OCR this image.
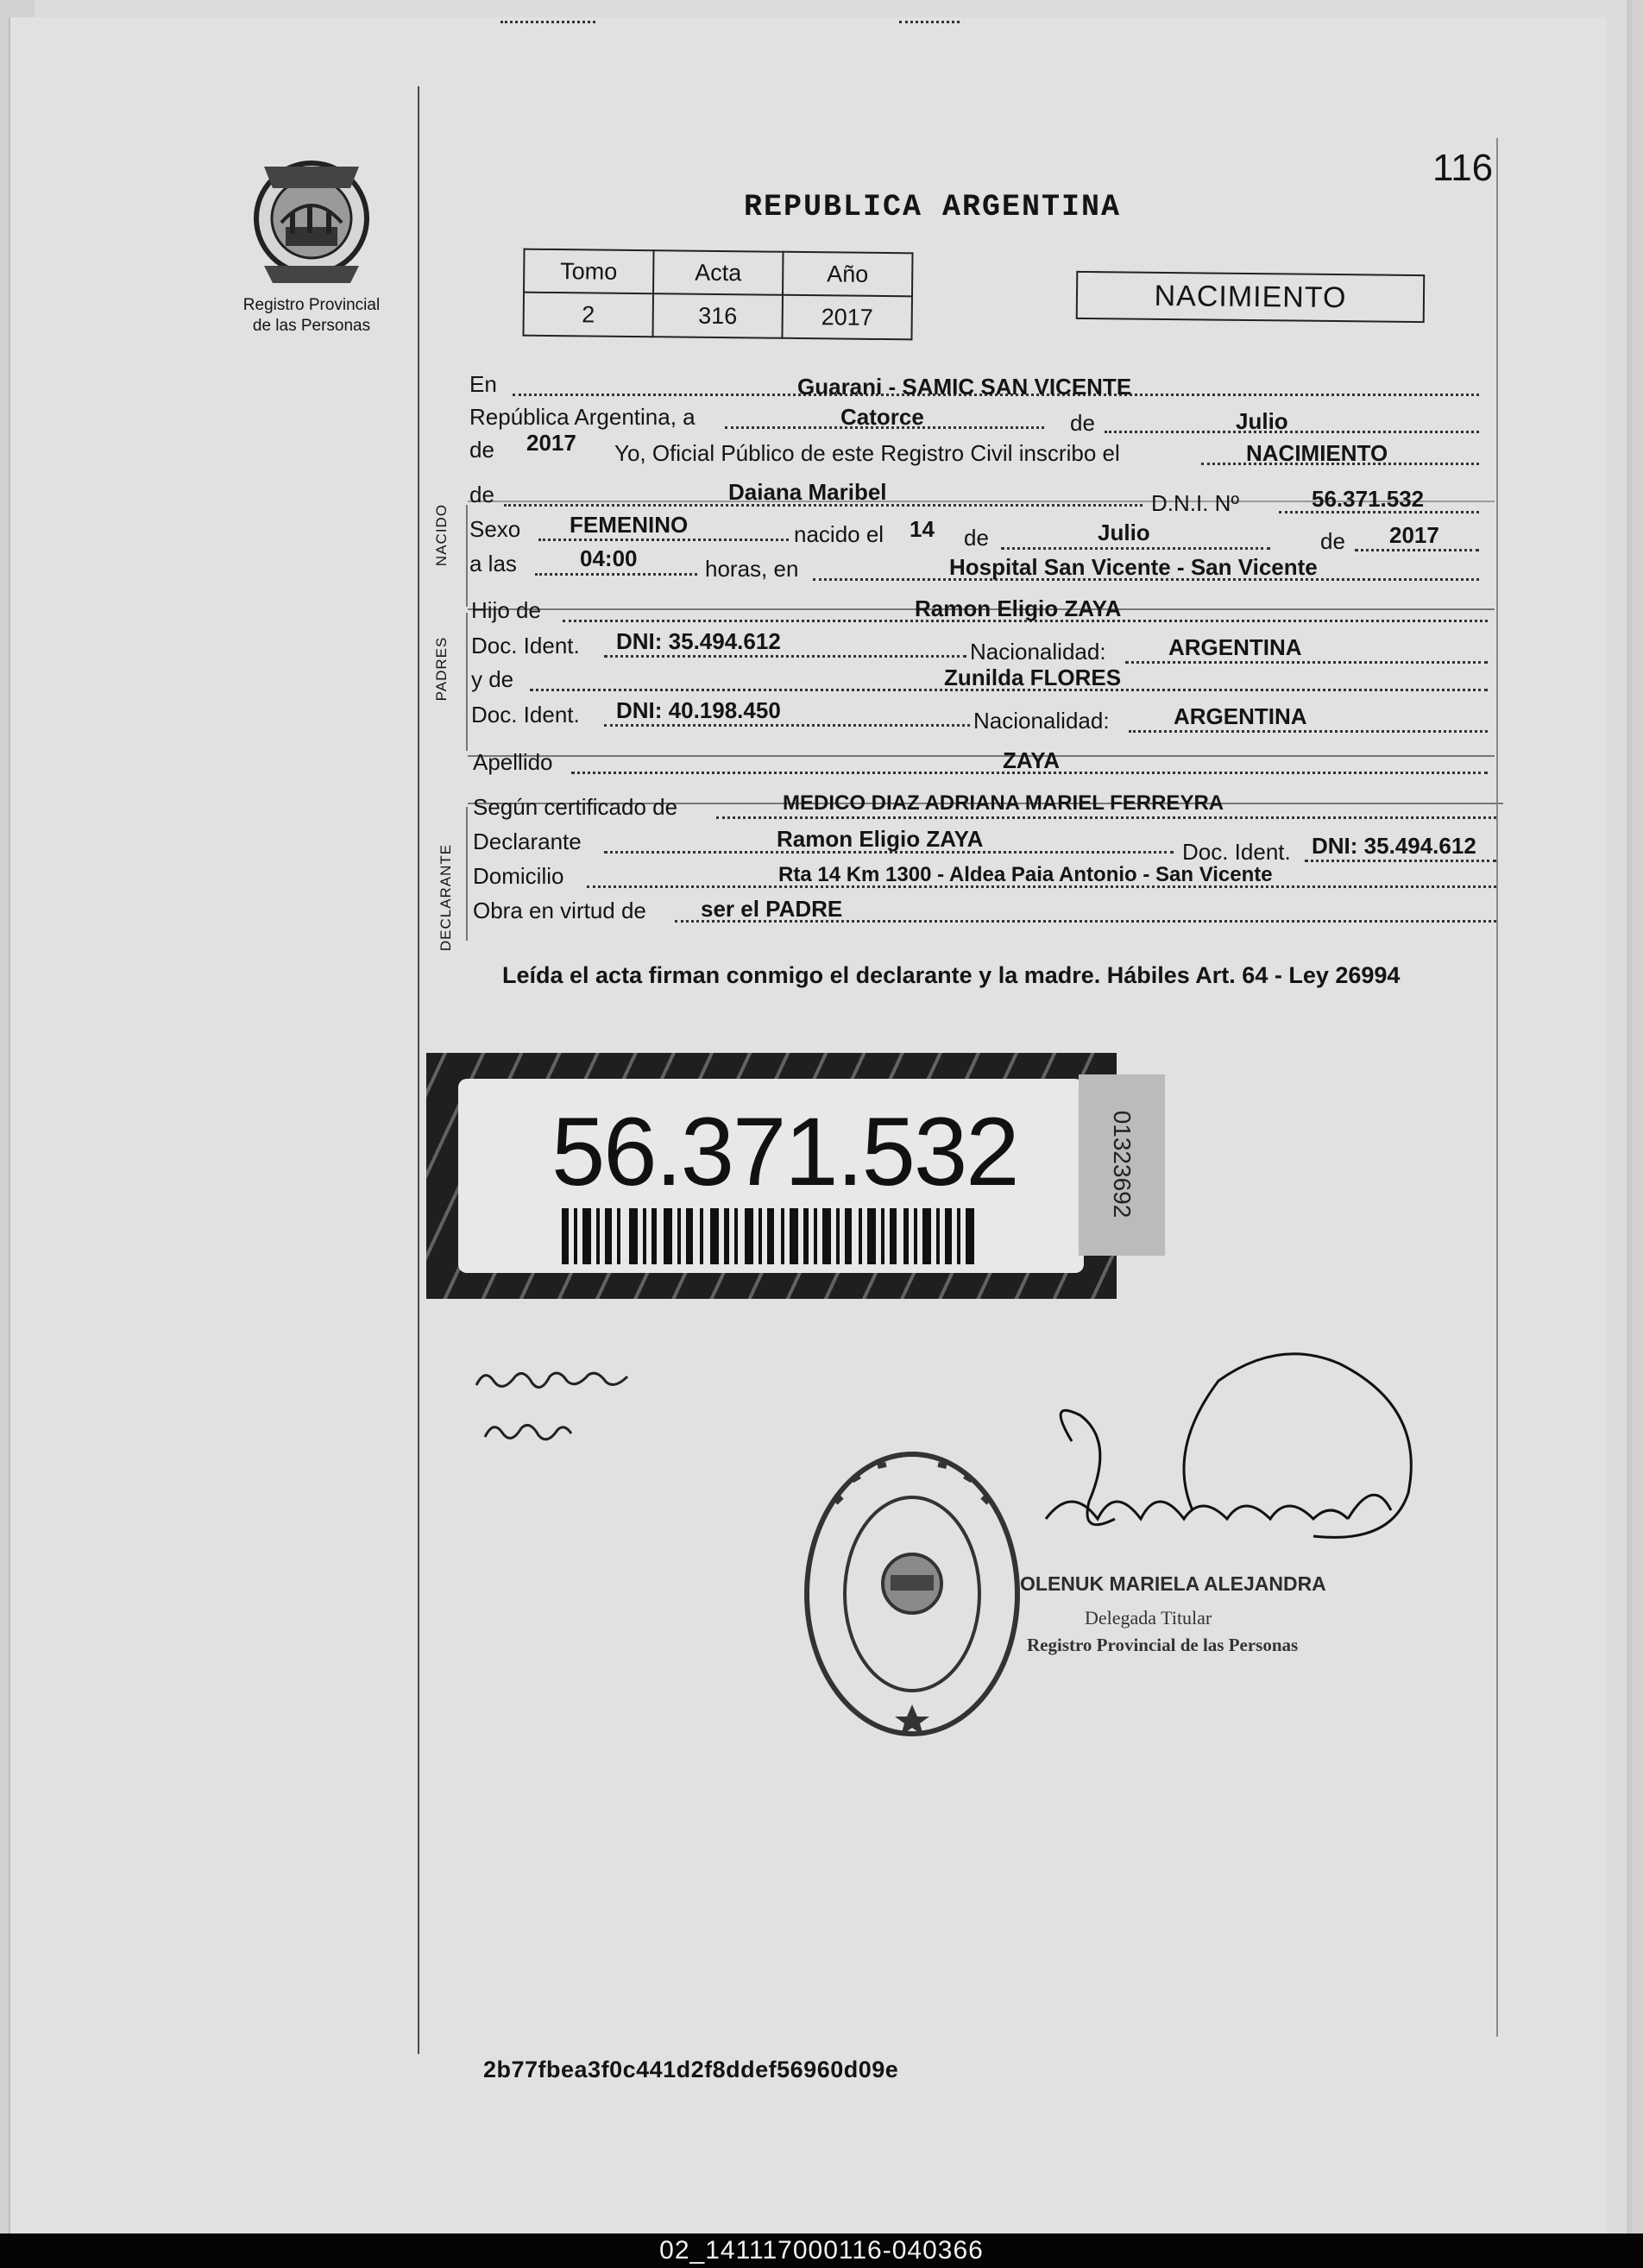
116
REPUBLICA ARGENTINA
Registro Provincial
de las Personas
Tomo	Acta	Año
2	316	2017
NACIMIENTO
NACIDO
PADRES
DECLARANTE
En	Guarani - SAMIC SAN VICENTE
República Argentina, a	Catorce	de	Julio
de 2017 Yo, Oficial Público de este Registro Civil inscribo el	NACIMIENTO
de	Daiana Maribel	D.N.I. Nº	56.371.532
Sexo FEMENINO	nacido el 14 de	Julio	de 2017
a las	04:00	horas, en	Hospital San Vicente - San Vicente
Hijo de	Ramon Eligio ZAYA
Doc. Ident. DNI: 35.494.612	Nacionalidad:	ARGENTINA
y de	Zunilda FLORES
Doc. Ident. DNI: 40.198.450	Nacionalidad:	ARGENTINA
Apellido	ZAYA
Según certificado de	MEDICO DIAZ ADRIANA MARIEL FERREYRA
Declarante	Ramon Eligio ZAYA	Doc. Ident. DNI: 35.494.612
Domicilio	Rta 14 Km 1300 - Aldea Paia Antonio - San Vicente
Obra en virtud de ser el PADRE
Leída el acta firman conmigo el declarante y la madre. Hábiles Art. 64 - Ley 26994
56.371.532	01323692
OLENUK MARIELA ALEJANDRA
Delegada Titular
Registro Provincial de las Personas
2b77fbea3f0c441d2f8ddef56960d09e
02_141117000116-040366
